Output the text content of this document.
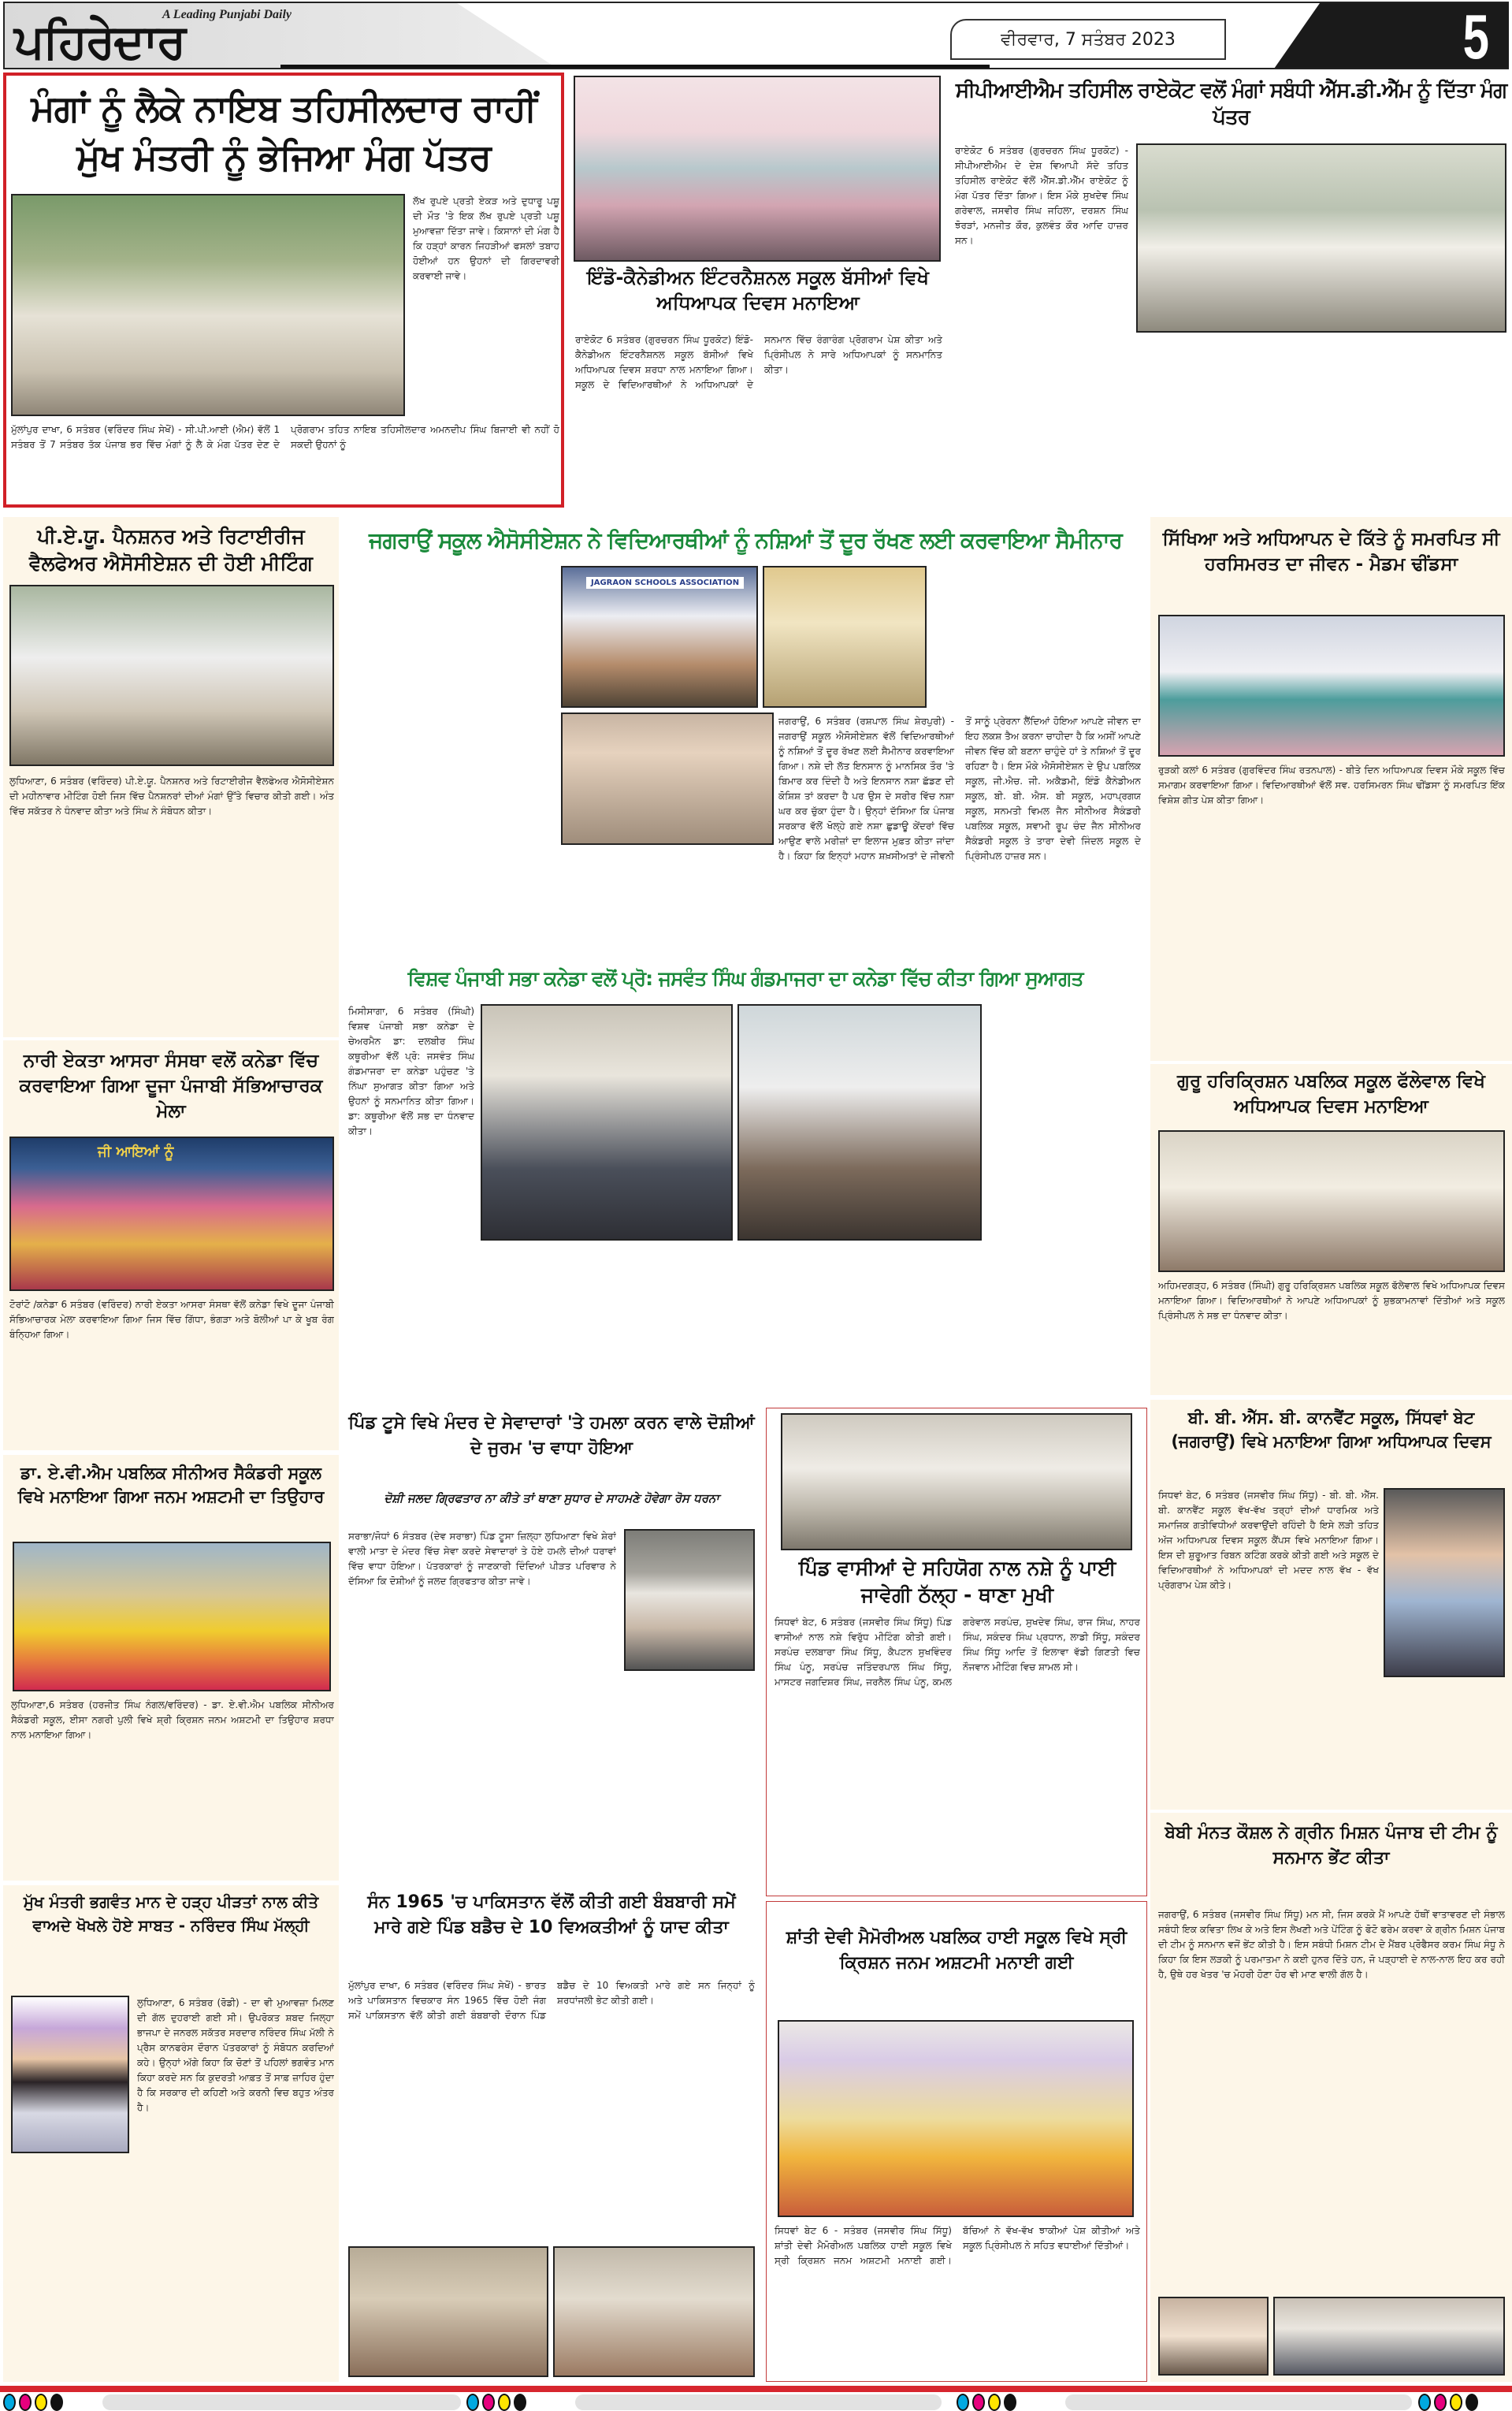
A Leading Punjabi Daily
ਪਹਿਰੇਦਾਰ	ਵੀਰਵਾਰ, 7 ਸਤੰਬਰ 2023	5
ਮੰਗਾਂ ਨੂੰ ਲੈਕੇ ਨਾਇਬ ਤਹਿਸੀਲਦਾਰ ਰਾਹੀਂ
ਮੁੱਖ ਮੰਤਰੀ ਨੂੰ ਭੇਜਿਆ ਮੰਗ ਪੱਤਰ

ਲੱਖ ਰੁਪਏ ਪ੍ਰਤੀ ਏਕੜ ਅਤੇ ਦੁਧਾਰੂ ਪਸ਼ੂ ਦੀ ਮੌਤ 'ਤੇ ਇਕ ਲੱਖ ਰੁਪਏ ਪ੍ਰਤੀ ਪਸ਼ੂ ਮੁਆਵਜ਼ਾ ਦਿੱਤਾ ਜਾਵੇ। ਕਿਸਾਨਾਂ ਦੀ ਮੰਗ ਹੈ ਕਿ ਹੜ੍ਹਾਂ ਕਾਰਨ ਜਿਹੜੀਆਂ ਫਸਲਾਂ ਤਬਾਹ ਹੋਈਆਂ ਹਨ ਉਹਨਾਂ ਦੀ ਗਿਰਦਾਵਰੀ ਕਰਵਾਈ ਜਾਵੇ।

ਮੁੱਲਾਂਪੁਰ ਦਾਖਾ, 6 ਸਤੰਬਰ (ਵਰਿੰਦਰ ਸਿੰਘ ਸੇਖੋਂ) - ਸੀ.ਪੀ.ਆਈ (ਐਮ) ਵੱਲੋਂ 1 ਸਤੰਬਰ ਤੋਂ 7 ਸਤੰਬਰ ਤੱਕ ਪੰਜਾਬ ਭਰ ਵਿੱਚ ਮੰਗਾਂ ਨੂੰ ਲੈ ਕੇ ਮੰਗ ਪੱਤਰ ਦੇਣ ਦੇ ਪ੍ਰੋਗਰਾਮ ਤਹਿਤ ਨਾਇਬ ਤਹਿਸੀਲਦਾਰ ਅਮਨਦੀਪ ਸਿੰਘ ਬਿਜਾਈ ਵੀ ਨਹੀਂ ਹੋ ਸਕਦੀ ਉਹਨਾਂ ਨੂੰ

ਇੰਡੋ-ਕੈਨੇਡੀਅਨ ਇੰਟਰਨੈਸ਼ਨਲ ਸਕੂਲ ਬੱਸੀਆਂ ਵਿਖੇ ਅਧਿਆਪਕ ਦਿਵਸ ਮਨਾਇਆ

ਰਾਏਕੋਟ 6 ਸਤੰਬਰ (ਗੁਰਚਰਨ ਸਿੰਘ ਧੂਰਕੋਟ) ਇੰਡੋ-ਕੈਨੇਡੀਅਨ ਇੰਟਰਨੈਸ਼ਨਲ ਸਕੂਲ ਬੱਸੀਆਂ ਵਿਖੇ ਅਧਿਆਪਕ ਦਿਵਸ ਸ਼ਰਧਾ ਨਾਲ ਮਨਾਇਆ ਗਿਆ। ਸਕੂਲ ਦੇ ਵਿਦਿਆਰਥੀਆਂ ਨੇ ਅਧਿਆਪਕਾਂ ਦੇ ਸਨਮਾਨ ਵਿੱਚ ਰੰਗਾਰੰਗ ਪ੍ਰੋਗਰਾਮ ਪੇਸ਼ ਕੀਤਾ ਅਤੇ ਪ੍ਰਿੰਸੀਪਲ ਨੇ ਸਾਰੇ ਅਧਿਆਪਕਾਂ ਨੂੰ ਸਨਮਾਨਿਤ ਕੀਤਾ।

ਸੀਪੀਆਈਐਮ ਤਹਿਸੀਲ ਰਾਏਕੋਟ ਵਲੋਂ ਮੰਗਾਂ ਸਬੰਧੀ ਐੱਸ.ਡੀ.ਐੱਮ ਨੂੰ ਦਿੱਤਾ ਮੰਗ ਪੱਤਰ

ਰਾਏਕੋਟ 6 ਸਤੰਬਰ (ਗੁਰਚਰਨ ਸਿੰਘ ਧੂਰਕੋਟ) - ਸੀਪੀਆਈਐਮ ਦੇ ਦੇਸ਼ ਵਿਆਪੀ ਸੱਦੇ ਤਹਿਤ ਤਹਿਸੀਲ ਰਾਏਕੋਟ ਵੱਲੋਂ ਐੱਸ.ਡੀ.ਐੱਮ ਰਾਏਕੋਟ ਨੂੰ ਮੰਗ ਪੱਤਰ ਦਿੱਤਾ ਗਿਆ। ਇਸ ਮੌਕੇ ਸੁਖਦੇਵ ਸਿੰਘ ਗਰੇਵਾਲ, ਜਸਵੀਰ ਸਿੰਘ ਜਹਿਲਾ, ਦਰਸ਼ਨ ਸਿੰਘ ਝੋਰੜਾਂ, ਮਨਜੀਤ ਕੌਰ, ਕੁਲਵੰਤ ਕੌਰ ਆਦਿ ਹਾਜ਼ਰ ਸਨ।

ਪੀ.ਏ.ਯੂ. ਪੈਨਸ਼ਨਰ ਅਤੇ ਰਿਟਾਈਰੀਜ ਵੈਲਫੇਅਰ ਐਸੋਸੀਏਸ਼ਨ ਦੀ ਹੋਈ ਮੀਟਿੰਗ

ਲੁਧਿਆਣਾ, 6 ਸਤੰਬਰ (ਵਰਿੰਦਰ) ਪੀ.ਏ.ਯੂ. ਪੈਨਸ਼ਨਰ ਅਤੇ ਰਿਟਾਈਰੀਜ ਵੈਲਫੇਅਰ ਐਸੋਸੀਏਸ਼ਨ ਦੀ ਮਹੀਨਾਵਾਰ ਮੀਟਿੰਗ ਹੋਈ ਜਿਸ ਵਿੱਚ ਪੈਨਸ਼ਨਰਾਂ ਦੀਆਂ ਮੰਗਾਂ ਉੱਤੇ ਵਿਚਾਰ ਕੀਤੀ ਗਈ। ਅੰਤ ਵਿੱਚ ਸਕੱਤਰ ਨੇ ਧੰਨਵਾਦ ਕੀਤਾ ਅਤੇ ਸਿੰਘ ਨੇ ਸੰਬੋਧਨ ਕੀਤਾ।

ਜਗਰਾਉਂ ਸਕੂਲ ਐਸੋਸੀਏਸ਼ਨ ਨੇ ਵਿਦਿਆਰਥੀਆਂ ਨੂੰ ਨਸ਼ਿਆਂ ਤੋਂ ਦੂਰ ਰੱਖਣ ਲਈ ਕਰਵਾਇਆ ਸੈਮੀਨਾਰ

JAGRAON SCHOOLS ASSOCIATION

ਜਗਰਾਉਂ, 6 ਸਤੰਬਰ (ਰਸ਼ਪਾਲ ਸਿੰਘ ਸ਼ੇਰਪੁਰੀ) - ਜਗਰਾਉਂ ਸਕੂਲ ਐਸੋਸੀਏਸ਼ਨ ਵੱਲੋਂ ਵਿਦਿਆਰਥੀਆਂ ਨੂੰ ਨਸ਼ਿਆਂ ਤੋਂ ਦੂਰ ਰੱਖਣ ਲਈ ਸੈਮੀਨਾਰ ਕਰਵਾਇਆ ਗਿਆ। ਨਸ਼ੇ ਦੀ ਲੱਤ ਇਨਸਾਨ ਨੂੰ ਮਾਨਸਿਕ ਤੌਰ 'ਤੇ ਬਿਮਾਰ ਕਰ ਦਿੰਦੀ ਹੈ ਅਤੇ ਇਨਸਾਨ ਨਸ਼ਾ ਛੱਡਣ ਦੀ ਕੋਸ਼ਿਸ਼ ਤਾਂ ਕਰਦਾ ਹੈ ਪਰ ਉਸ ਦੇ ਸਰੀਰ ਵਿੱਚ ਨਸ਼ਾ ਘਰ ਕਰ ਚੁੱਕਾ ਹੁੰਦਾ ਹੈ। ਉਨ੍ਹਾਂ ਦੱਸਿਆ ਕਿ ਪੰਜਾਬ ਸਰਕਾਰ ਵੱਲੋਂ ਖੋਲ੍ਹੇ ਗਏ ਨਸ਼ਾ ਛੁਡਾਊ ਕੇਂਦਰਾਂ ਵਿੱਚ ਆਉਣ ਵਾਲੇ ਮਰੀਜ਼ਾਂ ਦਾ ਇਲਾਜ ਮੁਫ਼ਤ ਕੀਤਾ ਜਾਂਦਾ ਹੈ। ਕਿਹਾ ਕਿ ਇਨ੍ਹਾਂ ਮਹਾਨ ਸ਼ਖ਼ਸੀਅਤਾਂ ਦੇ ਜੀਵਨੀ ਤੋਂ ਸਾਨੂੰ ਪ੍ਰੇਰਨਾ ਲੈਂਦਿਆਂ ਹੋਇਆ ਆਪਣੇ ਜੀਵਨ ਦਾ ਇਹ ਲਕਸ਼ ਤੈਅ ਕਰਨਾ ਚਾਹੀਦਾ ਹੈ ਕਿ ਅਸੀਂ ਆਪਣੇ ਜੀਵਨ ਵਿੱਚ ਕੀ ਬਣਨਾ ਚਾਹੁੰਦੇ ਹਾਂ ਤੇ ਨਸ਼ਿਆਂ ਤੋਂ ਦੂਰ ਰਹਿਣਾ ਹੈ। ਇਸ ਮੌਕੇ ਐਸੋਸੀਏਸ਼ਨ ਦੇ ਉਪ ਪਬਲਿਕ ਸਕੂਲ, ਜੀ.ਐਚ. ਜੀ. ਅਕੈਡਮੀ, ਇੰਡੋ ਕੈਨੇਡੀਅਨ ਸਕੂਲ, ਬੀ. ਬੀ. ਐਸ. ਬੀ ਸਕੂਲ, ਮਹਾਪ੍ਰਗਯ ਸਕੂਲ, ਸਨਮਤੀ ਵਿਮਲ ਜੈਨ ਸੀਨੀਅਰ ਸੈਕੰਡਰੀ ਪਬਲਿਕ ਸਕੂਲ, ਸਵਾਮੀ ਰੂਪ ਚੰਦ ਜੈਨ ਸੀਨੀਅਰ ਸੈਕੰਡਰੀ ਸਕੂਲ ਤੇ ਤਾਰਾ ਦੇਵੀ ਜਿੰਦਲ ਸਕੂਲ ਦੇ ਪ੍ਰਿੰਸੀਪਲ ਹਾਜ਼ਰ ਸਨ।

ਸਿੱਖਿਆ ਅਤੇ ਅਧਿਆਪਨ ਦੇ ਕਿੱਤੇ ਨੂੰ ਸਮਰਪਿਤ ਸੀ ਹਰਸਿਮਰਤ ਦਾ ਜੀਵਨ - ਮੈਡਮ ਢੀਂਡਸਾ

ਰੁੜਕੀ ਕਲਾਂ 6 ਸਤੰਬਰ (ਗੁਰਵਿੰਦਰ ਸਿੰਘ ਰਤਨਪਾਲ) - ਬੀਤੇ ਦਿਨ ਅਧਿਆਪਕ ਦਿਵਸ ਮੌਕੇ ਸਕੂਲ ਵਿੱਚ ਸਮਾਗਮ ਕਰਵਾਇਆ ਗਿਆ। ਵਿਦਿਆਰਥੀਆਂ ਵੱਲੋਂ ਸਵ. ਹਰਸਿਮਰਨ ਸਿੰਘ ਢੀਂਡਸਾ ਨੂੰ ਸਮਰਪਿਤ ਇੱਕ ਵਿਸ਼ੇਸ਼ ਗੀਤ ਪੇਸ਼ ਕੀਤਾ ਗਿਆ।

ਨਾਰੀ ਏਕਤਾ ਆਸਰਾ ਸੰਸਥਾ ਵਲੋਂ ਕਨੇਡਾ ਵਿੱਚ ਕਰਵਾਇਆ ਗਿਆ ਦੂਜਾ ਪੰਜਾਬੀ ਸੱਭਿਆਚਾਰਕ ਮੇਲਾ
ਜੀ ਆਇਆਂ ਨੂੰ

ਟੋਰਾਂਟੋ /ਕਨੇਡਾ 6 ਸਤੰਬਰ (ਵਰਿੰਦਰ) ਨਾਰੀ ਏਕਤਾ ਆਸਰਾ ਸੰਸਥਾ ਵੱਲੋਂ ਕਨੇਡਾ ਵਿਖੇ ਦੂਜਾ ਪੰਜਾਬੀ ਸੱਭਿਆਚਾਰਕ ਮੇਲਾ ਕਰਵਾਇਆ ਗਿਆ ਜਿਸ ਵਿੱਚ ਗਿੱਧਾ, ਭੰਗੜਾ ਅਤੇ ਬੋਲੀਆਂ ਪਾ ਕੇ ਖੂਬ ਰੰਗ ਬੰਨ੍ਹਿਆ ਗਿਆ।

ਵਿਸ਼ਵ ਪੰਜਾਬੀ ਸਭਾ ਕਨੇਡਾ ਵਲੋਂ ਪ੍ਰੋ: ਜਸਵੰਤ ਸਿੰਘ ਗੰਡਮਾਜਰਾ ਦਾ ਕਨੇਡਾ ਵਿੱਚ ਕੀਤਾ ਗਿਆ ਸੁਆਗਤ

ਮਿਸੀਸਾਗਾ, 6 ਸਤੰਬਰ (ਸਿੰਘੀ) ਵਿਸ਼ਵ ਪੰਜਾਬੀ ਸਭਾ ਕਨੇਡਾ ਦੇ ਚੇਅਰਮੈਨ ਡਾ: ਦਲਬੀਰ ਸਿੰਘ ਕਥੂਰੀਆ ਵੱਲੋਂ ਪ੍ਰੋ: ਜਸਵੰਤ ਸਿੰਘ ਗੰਡਮਾਜਰਾ ਦਾ ਕਨੇਡਾ ਪਹੁੰਚਣ 'ਤੇ ਨਿੱਘਾ ਸੁਆਗਤ ਕੀਤਾ ਗਿਆ ਅਤੇ ਉਹਨਾਂ ਨੂੰ ਸਨਮਾਨਿਤ ਕੀਤਾ ਗਿਆ। ਡਾ: ਕਥੂਰੀਆ ਵੱਲੋਂ ਸਭ ਦਾ ਧੰਨਵਾਦ ਕੀਤਾ।

ਗੁਰੂ ਹਰਿਕ੍ਰਿਸ਼ਨ ਪਬਲਿਕ ਸਕੂਲ ਫੱਲੇਵਾਲ ਵਿਖੇ ਅਧਿਆਪਕ ਦਿਵਸ ਮਨਾਇਆ

ਅਹਿਮਦਗੜ੍ਹ, 6 ਸਤੰਬਰ (ਸਿੰਘੀ) ਗੁਰੂ ਹਰਿਕ੍ਰਿਸ਼ਨ ਪਬਲਿਕ ਸਕੂਲ ਫੱਲੇਵਾਲ ਵਿਖੇ ਅਧਿਆਪਕ ਦਿਵਸ ਮਨਾਇਆ ਗਿਆ। ਵਿਦਿਆਰਥੀਆਂ ਨੇ ਆਪਣੇ ਅਧਿਆਪਕਾਂ ਨੂੰ ਸ਼ੁਭਕਾਮਨਾਵਾਂ ਦਿੱਤੀਆਂ ਅਤੇ ਸਕੂਲ ਪ੍ਰਿੰਸੀਪਲ ਨੇ ਸਭ ਦਾ ਧੰਨਵਾਦ ਕੀਤਾ।

ਪਿੰਡ ਟੂਸੇ ਵਿਖੇ ਮੰਦਰ ਦੇ ਸੇਵਾਦਾਰਾਂ 'ਤੇ ਹਮਲਾ ਕਰਨ ਵਾਲੇ ਦੋਸ਼ੀਆਂ ਦੇ ਜੁਰਮ 'ਚ ਵਾਧਾ ਹੋਇਆ
ਦੋਸ਼ੀ ਜਲਦ ਗ੍ਰਿਫਤਾਰ ਨਾ ਕੀਤੇ ਤਾਂ ਥਾਣਾ ਸੁਧਾਰ ਦੇ ਸਾਹਮਣੇ ਹੋਵੇਗਾ ਰੋਸ ਧਰਨਾ

ਸਰਾਭਾ/ਜੋਧਾਂ 6 ਸੰਤਬਰ (ਦੇਵ ਸਰਾਭਾ) ਪਿੰਡ ਟੂਸਾ ਜ਼ਿਲ੍ਹਾ ਲੁਧਿਆਣਾ ਵਿਖੇ ਸ਼ੇਰਾਂ ਵਾਲੀ ਮਾਤਾ ਦੇ ਮੰਦਰ ਵਿੱਚ ਸੇਵਾ ਕਰਦੇ ਸੇਵਾਦਾਰਾਂ ਤੇ ਹੋਏ ਹਮਲੇ ਦੀਆਂ ਧਰਾਵਾਂ ਵਿੱਚ ਵਾਧਾ ਹੋਇਆ। ਪੱਤਰਕਾਰਾਂ ਨੂੰ ਜਾਣਕਾਰੀ ਦਿੰਦਿਆਂ ਪੀੜਤ ਪਰਿਵਾਰ ਨੇ ਦੱਸਿਆ ਕਿ ਦੋਸ਼ੀਆਂ ਨੂੰ ਜਲਦ ਗ੍ਰਿਫਤਾਰ ਕੀਤਾ ਜਾਵੇ।

ਪਿੰਡ ਵਾਸੀਆਂ ਦੇ ਸਹਿਯੋਗ ਨਾਲ ਨਸ਼ੇ ਨੂੰ ਪਾਈ ਜਾਵੇਗੀ ਠੱਲ੍ਹ - ਥਾਣਾ ਮੁਖੀ

ਸਿਧਵਾਂ ਬੇਟ, 6 ਸਤੰਬਰ (ਜਸਵੀਰ ਸਿੰਘ ਸਿੱਧੂ) ਪਿੰਡ ਵਾਸੀਆਂ ਨਾਲ ਨਸ਼ੇ ਵਿਰੁੱਧ ਮੀਟਿੰਗ ਕੀਤੀ ਗਈ। ਸਰਪੰਚ ਦਲਬਾਰਾ ਸਿੰਘ ਸਿੱਧੂ, ਕੈਪਟਨ ਸੁਖਵਿੰਦਰ ਸਿੰਘ ਪੰਨੂ, ਸਰਪੰਚ ਜਤਿੰਦਰਪਾਲ ਸਿੰਘ ਸਿੱਧੂ, ਮਾਸਟਰ ਜਗਦਿਸ਼ਰ ਸਿੰਘ, ਜਰਨੈਲ ਸਿੰਘ ਪੰਨੂ, ਕਮਲ ਗਰੇਵਾਲ ਸਰਪੰਚ, ਸੁਖਦੇਵ ਸਿੰਘ, ਰਾਜ ਸਿੰਘ, ਨਾਹਰ ਸਿੰਘ, ਸਕੰਦਰ ਸਿੰਘ ਪ੍ਰਧਾਨ, ਲਾਡੀ ਸਿੱਧੂ, ਸਕੰਦਰ ਸਿੰਘ ਸਿੱਧੂ ਆਦਿ ਤੋਂ ਇਲਾਵਾ ਵੱਡੀ ਗਿਣਤੀ ਵਿਚ ਨੌਜਵਾਨ ਮੀਟਿੰਗ ਵਿਚ ਸ਼ਾਮਲ ਸੀ।

ਡਾ. ਏ.ਵੀ.ਐਮ ਪਬਲਿਕ ਸੀਨੀਅਰ ਸੈਕੰਡਰੀ ਸਕੂਲ ਵਿਖੇ ਮਨਾਇਆ ਗਿਆ ਜਨਮ ਅਸ਼ਟਮੀ ਦਾ ਤਿਉਹਾਰ

ਲੁਧਿਆਣਾ,6 ਸਤੰਬਰ (ਹਰਜੀਤ ਸਿੰਘ ਨੰਗਲ/ਵਰਿੰਦਰ) - ਡਾ. ਏ.ਵੀ.ਐਮ ਪਬਲਿਕ ਸੀਨੀਅਰ ਸੈਕੰਡਰੀ ਸਕੂਲ, ਈਸਾ ਨਗਰੀ ਪੁਲੀ ਵਿਖੇ ਸ਼੍ਰੀ ਕ੍ਰਿਸ਼ਨ ਜਨਮ ਅਸ਼ਟਮੀ ਦਾ ਤਿਉਹਾਰ ਸ਼ਰਧਾ ਨਾਲ ਮਨਾਇਆ ਗਿਆ।

ਮੁੱਖ ਮੰਤਰੀ ਭਗਵੰਤ ਮਾਨ ਦੇ ਹੜ੍ਹ ਪੀੜਤਾਂ ਨਾਲ ਕੀਤੇ ਵਾਅਦੇ ਖੋਖਲੇ ਹੋਏ ਸਾਬਤ - ਨਰਿੰਦਰ ਸਿੰਘ ਮੱਲ੍ਹੀ

ਲੁਧਿਆਣਾ, 6 ਸਤੰਬਰ (ਰੋਡੀ) - ਦਾ ਵੀ ਮੁਆਵਜ਼ਾ ਮਿਲਣ ਦੀ ਗੱਲ ਦੁਹਰਾਈ ਗਈ ਸੀ। ਉਪਰੋਕਤ ਸ਼ਬਦ ਜਿਲ੍ਹਾ ਭਾਜਪਾ ਦੇ ਜਨਰਲ ਸਕੱਤਰ ਸਰਦਾਰ ਨਰਿੰਦਰ ਸਿੰਘ ਮੱਲੀ ਨੇ ਪ੍ਰੈਸ ਕਾਨਫਰੰਸ ਦੌਰਾਨ ਪੱਤਰਕਾਰਾਂ ਨੂੰ ਸੰਬੋਧਨ ਕਰਦਿਆਂ ਕਹੇ। ਉਨ੍ਹਾਂ ਅੱਗੇ ਕਿਹਾ ਕਿ ਚੋਣਾਂ ਤੋਂ ਪਹਿਲਾਂ ਭਗਵੰਤ ਮਾਨ ਕਿਹਾ ਕਰਦੇ ਸਨ ਕਿ ਕੁਦਰਤੀ ਆਫ਼ਤ ਤੋਂ ਸਾਫ਼ ਜ਼ਾਹਿਰ ਹੁੰਦਾ ਹੈ ਕਿ ਸਰਕਾਰ ਦੀ ਕਹਿਣੀ ਅਤੇ ਕਰਨੀ ਵਿਚ ਬਹੁਤ ਅੰਤਰ ਹੈ।

ਸੰਨ 1965 'ਚ ਪਾਕਿਸਤਾਨ ਵੱਲੋਂ ਕੀਤੀ ਗਈ ਬੰਬਬਾਰੀ ਸਮੇਂ ਮਾਰੇ ਗਏ ਪਿੰਡ ਬਡੈਚ ਦੇ 10 ਵਿਅਕਤੀਆਂ ਨੂੰ ਯਾਦ ਕੀਤਾ

ਮੁੱਲਾਂਪੁਰ ਦਾਖਾ, 6 ਸਤੰਬਰ (ਵਰਿੰਦਰ ਸਿੰਘ ਸੇਖੋਂ) - ਭਾਰਤ ਅਤੇ ਪਾਕਿਸਤਾਨ ਵਿਚਕਾਰ ਸੰਨ 1965 ਵਿੱਚ ਹੋਈ ਜੰਗ ਸਮੇਂ ਪਾਕਿਸਤਾਨ ਵੱਲੋਂ ਕੀਤੀ ਗਈ ਬੰਬਬਾਰੀ ਦੌਰਾਨ ਪਿੰਡ ਬਡੈਚ ਦੇ 10 ਵਿਅਕਤੀ ਮਾਰੇ ਗਏ ਸਨ ਜਿਨ੍ਹਾਂ ਨੂੰ ਸ਼ਰਧਾਂਜਲੀ ਭੇਟ ਕੀਤੀ ਗਈ।

ਸ਼ਾਂਤੀ ਦੇਵੀ ਮੈਮੋਰੀਅਲ ਪਬਲਿਕ ਹਾਈ ਸਕੂਲ ਵਿਖੇ ਸ੍ਰੀ ਕ੍ਰਿਸ਼ਨ ਜਨਮ ਅਸ਼ਟਮੀ ਮਨਾਈ ਗਈ

ਸਿਧਵਾਂ ਬੇਟ 6 - ਸਤੰਬਰ (ਜਸਵੀਰ ਸਿੰਘ ਸਿੱਧੂ) ਸ਼ਾਂਤੀ ਦੇਵੀ ਮੈਮੋਰੀਅਲ ਪਬਲਿਕ ਹਾਈ ਸਕੂਲ ਵਿਖੇ ਸ੍ਰੀ ਕ੍ਰਿਸ਼ਨ ਜਨਮ ਅਸ਼ਟਮੀ ਮਨਾਈ ਗਈ। ਬੱਚਿਆਂ ਨੇ ਵੱਖ-ਵੱਖ ਝਾਕੀਆਂ ਪੇਸ਼ ਕੀਤੀਆਂ ਅਤੇ ਸਕੂਲ ਪ੍ਰਿੰਸੀਪਲ ਨੇ ਸਹਿਤ ਵਧਾਈਆਂ ਦਿੱਤੀਆਂ।

ਬੀ. ਬੀ. ਐੱਸ. ਬੀ. ਕਾਨਵੈਂਟ ਸਕੂਲ, ਸਿੱਧਵਾਂ ਬੇਟ (ਜਗਰਾਉਂ) ਵਿਖੇ ਮਨਾਇਆ ਗਿਆ ਅਧਿਆਪਕ ਦਿਵਸ

ਸਿਧਵਾਂ ਬੇਟ, 6 ਸਤੰਬਰ (ਜਸਵੀਰ ਸਿੰਘ ਸਿੱਧੂ) - ਬੀ. ਬੀ. ਐੱਸ. ਬੀ. ਕਾਨਵੈਂਟ ਸਕੂਲ ਵੱਖ-ਵੱਖ ਤਰ੍ਹਾਂ ਦੀਆਂ ਧਾਰਮਿਕ ਅਤੇ ਸਮਾਜਿਕ ਗਤੀਵਿਧੀਆਂ ਕਰਵਾਉਂਦੀ ਰਹਿੰਦੀ ਹੈ ਇਸੇ ਲੜੀ ਤਹਿਤ ਅੱਜ ਅਧਿਆਪਕ ਦਿਵਸ ਸਕੂਲ ਕੈਂਪਸ ਵਿਖੇ ਮਨਾਇਆ ਗਿਆ। ਇਸ ਦੀ ਸ਼ੁਰੂਆਤ ਰਿਬਨ ਕਟਿੰਗ ਕਰਕੇ ਕੀਤੀ ਗਈ ਅਤੇ ਸਕੂਲ ਦੇ ਵਿਦਿਆਰਥੀਆਂ ਨੇ ਅਧਿਆਪਕਾਂ ਦੀ ਮਦਦ ਨਾਲ ਵੱਖ - ਵੱਖ ਪ੍ਰੋਗਰਾਮ ਪੇਸ਼ ਕੀਤੇ।

ਬੇਬੀ ਮੰਨਤ ਕੌਸ਼ਲ ਨੇ ਗ੍ਰੀਨ ਮਿਸ਼ਨ ਪੰਜਾਬ ਦੀ ਟੀਮ ਨੂੰ ਸਨਮਾਨ ਭੇਂਟ ਕੀਤਾ

ਜਗਰਾਉਂ, 6 ਸਤੰਬਰ (ਜਸਵੀਰ ਸਿੰਘ ਸਿੱਧੂ) ਮਨ ਸੀ, ਜਿਸ ਕਰਕੇ ਮੈਂ ਆਪਣੇ ਹੱਥੀਂ ਵਾਤਾਵਰਣ ਦੀ ਸੰਭਾਲ ਸਬੰਧੀ ਇਕ ਕਵਿਤਾ ਲਿਖ ਕੇ ਅਤੇ ਇਸ ਲੇਖਣੀ ਅਤੇ ਪੇਂਟਿੰਗ ਨੂੰ ਫੋਟੋ ਫਰੇਮ ਕਰਵਾ ਕੇ ਗ੍ਰੀਨ ਮਿਸ਼ਨ ਪੰਜਾਬ ਦੀ ਟੀਮ ਨੂੰ ਸਨਮਾਨ ਵਜੋਂ ਭੇਂਟ ਕੀਤੀ ਹੈ। ਇਸ ਸਬੰਧੀ ਮਿਸ਼ਨ ਟੀਮ ਦੇ ਮੈਂਬਰ ਪ੍ਰੋਫੈਸਰ ਕਰਮ ਸਿੰਘ ਸੰਧੂ ਨੇ ਕਿਹਾ ਕਿ ਇਸ ਲੜਕੀ ਨੂੰ ਪਰਮਾਤਮਾ ਨੇ ਕਈ ਹੁਨਰ ਦਿੱਤੇ ਹਨ, ਜੋ ਪੜ੍ਹਾਈ ਦੇ ਨਾਲ-ਨਾਲ ਇਹ ਕਰ ਰਹੀ ਹੈ, ਉਥੇ ਹਰ ਖੇਤਰ 'ਚ ਮੋਹਰੀ ਹੋਣਾ ਹੋਰ ਵੀ ਮਾਣ ਵਾਲੀ ਗੱਲ ਹੈ।
